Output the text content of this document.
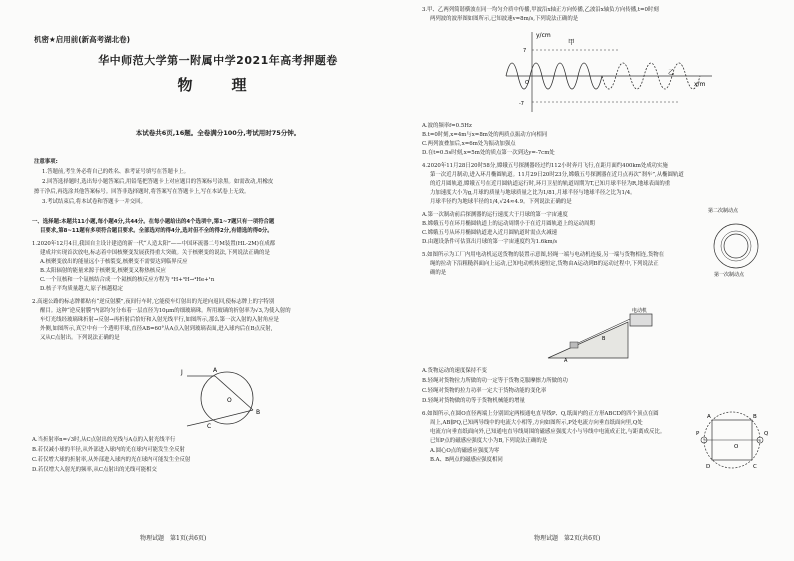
机密★启用前(新高考湖北卷)
华中师范大学第一附属中学2021年高考押题卷
物　理
本试卷共6页,16题。全卷满分100分,考试用时75分钟。
注意事项:
1.答题前,考生务必将自己的姓名、准考证号填写在答题卡上。
2.回答选择题时,选出每小题答案后,用铅笔把答题卡上对应题目的答案标号涂黑。如需改动,用橡皮
擦干净后,再选涂其他答案标号。回答非选择题时,将答案写在答题卡上,写在本试卷上无效。
3.考试结束后,将本试卷和答题卡一并交回。
一、选择题:本题共11小题,每小题4分,共44分。在每小题给出的4个选项中,第1~7题只有一项符合题
目要求,第8~11题有多项符合题目要求。全部选对的得4分,选对但不全的得2分,有错选的得0分。
1.2020年12月4日,我国自主设计建造的新一代“人造太阳”——中国环流器二号M装置(HL-2M)在成都
建成并实现首次放电,标志着中国核聚变发展获得重大突破。关于核聚变的说法,下列说法正确的是
A.核聚变放出的能量远小于核裂变,核聚变不需要达到临界反应
B.太阳辐射的能量来源于核聚变,核聚变又称热核反应
C.一个氘核和一个氚核结合成一个氦核的核反应方程为 ²H+³H→⁴He+¹n
D.核子平均质量越大,原子核越稳定
2.高速公路的标志牌都贴有“逆反射膜”,夜间行车时,它能使车灯射出的光逆向返回,使标志牌上的字特别
醒目。这种“逆反射膜”内部均匀分布着一层直径为10μm的细玻璃珠。所用玻璃的折射率为√3,为使入射的
车灯光线经玻璃珠折射→反射→再折射后恰好和入射光线平行,如图所示,那么第一次入射的入射角应是
外侧,如图所示,真空中有一个透明半球,直径AB=60°从A点入射到玻璃表面,进入球内后在B点反射,
又从C点射出。下列说法正确的是
J	A
B
C
O
A.当折射率n=√3时,从C点射出的光线与A点的入射光线平行
B.若仅减小球的半径,从外部进入球内的光在球内可能发生全反射
C.若仅增大球的折射率,从外部进入球内的光在球内可能发生全反射
D.若仅增大入射光的频率,从C点射出的光线可能相交
物理试题　第1页(共6页)
3.甲、乙两列简谐横波在同一均匀介质中传播,甲波沿x轴正方向传播,乙波沿x轴负方向传播,t=0时刻
两列波的波形图如图所示,已知波速v=8m/s,下列说法正确的是
y/cm
x/m
甲
乙
7
-7
O
A.波的频率f=0.5Hz
B.t=0时刻,x=4m与x=8m处的两质点振动方向相同
C.两列波叠加后,x=6m处为振动加强点
D.在t=0.5s时刻,x=5m处的质点第一次到达y=-7cm处
4.2020年11月28日20时58分,嫦娥五号探测器经过约112小时奔月飞行,在距月面约400km处成功实施
第一次近月制动,进入环月椭圆轨道。11月29日20时23分,嫦娥五号探测器在近月点再次“刹车”,从椭圆轨道
的近月圆轨道,嫦娥五号在近月圆轨道运行时,环月卫星的轨道周期为T,已知月球半径为R,地球表面的重
力加速度大小为g,月球的质量与地球质量之比为1/81,月球半径与地球半径之比为1/4。
月球半径约为地球半径的1/4,√24≈4.9。下列说法正确的是
A.第一次制动前后探测器的运行速度大于月球的第一宇宙速度
B.嫦娥五号在环月椭圆轨道上的运动周期小于在近月圆轨道上的运动周期
C.嫦娥五号从环月椭圆轨道进入近月圆轨道时需点火减速
D.由题设条件可估算出月球的第一宇宙速度约为1.6km/s
第二次制动点
第一次制动点
5.如图所示为工厂内用电动机运送货物的装置示意图,轻绳一端与电动机连接,另一端与货物相连,货物在
绳的拉动下沿粗糙斜面向上运动,已知电动机转速恒定,货物由A运动到B的运动过程中,下列说法正
确的是
电动机
A
B
A.货物运动的速度保持不变
B.轻绳对货物拉力所做的功一定等于货物克服摩擦力所做的功
C.轻绳对货物的拉力功率一定大于货物动能的变化率
D.轻绳对货物做的功等于货物机械能的增量
6.如图所示,在圆O直径两端上分别固定两根通电直导线P、Q,纸面内的正方形ABCD的四个顶点在圆
周上,AB∥PQ,已知两导线中的电流大小相等,方向如图所示,P处电流方向垂直纸面向里,Q处
电流方向垂直纸面向外,已知通电直导线周围的磁感应强度大小与导线中电流成正比,与距离成反比。
已知P点的磁感应强度大小为B,下列说法正确的是
A.圆心O点的磁感应强度为零
B.A、B两点的磁感应强度相同
A	B
C
D
P	Q
O
物理试题　第2页(共6页)
